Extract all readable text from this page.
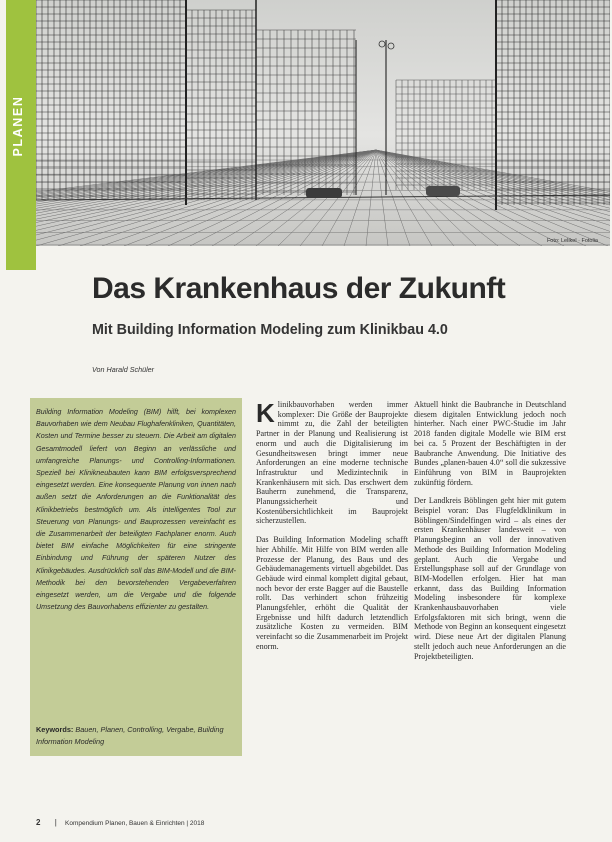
PLANEN
Foto: Lelikel · Fotolia
Das Krankenhaus der Zukunft
Mit Building Information Modeling zum Klinikbau 4.0
Von Harald Schüler

Building Information Modeling (BIM) hilft, bei komplexen Bauvorhaben wie dem Neubau Flughafenkliniken, Quantitäten, Kosten und Termine besser zu steuern. Die Arbeit am digitalen Gesamtmodell liefert von Beginn an verlässliche und umfangreiche Planungs- und Controlling-Informationen. Speziell bei Klinikneubauten kann BIM erfolgsversprechend eingesetzt werden. Eine konsequente Planung von innen nach außen setzt die Anforderungen an die Funktionalität des Klinikbetriebs bestmöglich um. Als intelligentes Tool zur Steuerung von Planungs- und Bauprozessen vereinfacht es die Zusammenarbeit der beteiligten Fachplaner enorm. Auch bietet BIM einfache Möglichkeiten für eine stringente Einbindung und Führung der späteren Nutzer des Klinikgebäudes. Ausdrücklich soll das BIM-Modell und die BIM-Methodik bei den bevorstehenden Vergabeverfahren eingesetzt werden, um die Vergabe und die folgende Umsetzung des Bauvorhabens effizienter zu gestalten.

Keywords: Bauen, Planen, Controlling, Vergabe, Building Information Modeling

Klinikbauvorhaben werden immer komplexer: Die Größe der Bauprojekte nimmt zu, die Zahl der beteiligten Partner in der Planung und Realisierung ist enorm und auch die Digitalisierung im Gesundheitswesen bringt immer neue Anforderungen an eine moderne technische Infrastruktur und Medizintechnik in Krankenhäusern mit sich. Das erschwert dem Bauherrn zunehmend, die Transparenz, Planungssicherheit und Kostenübersichtlichkeit im Bauprojekt sicherzustellen.

Das Building Information Modeling schafft hier Abhilfe. Mit Hilfe von BIM werden alle Prozesse der Planung, des Baus und des Gebäudemanagements virtuell abgebildet. Das Gebäude wird einmal komplett digital gebaut, noch bevor der erste Bagger auf die Baustelle rollt. Das verhindert schon frühzeitig Planungsfehler, erhöht die Qualität der Ergebnisse und hilft dadurch letztendlich zusätzliche Kosten zu vermeiden. BIM vereinfacht so die Zusammenarbeit im Projekt enorm.

Aktuell hinkt die Baubranche in Deutschland diesem digitalen Entwicklung jedoch noch hinterher. Nach einer PWC-Studie im Jahr 2018 fanden digitale Modelle wie BIM erst bei ca. 5 Prozent der Beschäftigten in der Baubranche Anwendung. Die Initiative des Bundes „planen-bauen 4.0“ soll die sukzessive Einführung von BIM in Bauprojekten zukünftig fördern.

Der Landkreis Böblingen geht hier mit gutem Beispiel voran: Das Flugfeldklinikum in Böblingen/Sindelfingen wird – als eines der ersten Krankenhäuser landesweit – von Planungsbeginn an voll der innovativen Methode des Building Information Modeling geplant. Auch die Vergabe und Erstellungsphase soll auf der Grundlage von BIM-Modellen erfolgen. Hier hat man erkannt, dass das Building Information Modeling insbesondere für komplexe Krankenhausbauvorhaben viele Erfolgsfaktoren mit sich bringt, wenn die Methode von Beginn an konsequent eingesetzt wird. Diese neue Art der digitalen Planung stellt jedoch auch neue Anforderungen an die Projektbeteiligten.

2 | Kompendium Planen, Bauen & Einrichten | 2018
